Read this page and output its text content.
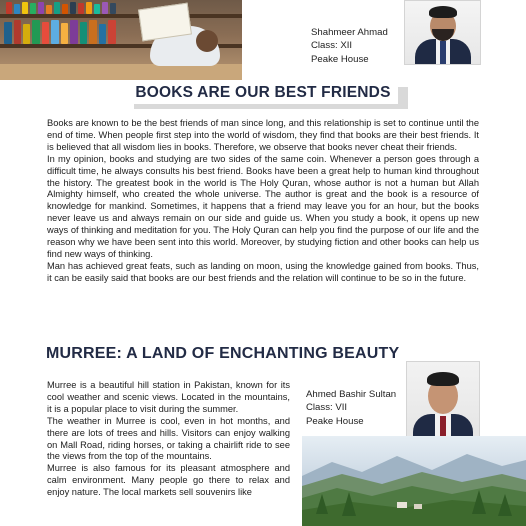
Shahmeer Ahmad
Class: XII
Peake House
BOOKS ARE OUR BEST FRIENDS

Books are known to be the best friends of man since long, and this relationship is set to continue until the end of time. When people first step into the world of wisdom, they find that books are their best friends. It is believed that all wisdom lies in books. Therefore, we observe that books never cheat their friends.

In my opinion, books and studying are two sides of the same coin. Whenever a person goes through a difficult time, he always consults his best friend. Books have been a great help to human kind throughout the history. The greatest book in the world is The Holy Quran, whose author is not a human but Allah Almighty himself, who created the whole universe. The author is great and the book is a resource of knowledge for mankind. Sometimes, it happens that a friend may leave you for an hour, but the books never leave us and always remain on our side and guide us. When you study a book, it opens up new ways of thinking and meditation for you. The Holy Quran can help you find the purpose of our life and the reason why we have been sent into this world. Moreover, by studying fiction and other books can help us find new ways of thinking.

Man has achieved great feats, such as landing on moon, using the knowledge gained from books. Thus, it can be easily said that books are our best friends and the relation will continue to be so in the future.

MURREE: A LAND OF ENCHANTING BEAUTY
Ahmed Bashir Sultan
Class: VII
Peake House

Murree is a beautiful hill station in Pakistan, known for its cool weather and scenic views. Located in the mountains, it is a popular place to visit during the summer.

The weather in Murree is cool, even in hot months, and there are lots of trees and hills. Visitors can enjoy walking on Mall Road, riding horses, or taking a chairlift ride to see the views from the top of the mountains.

Murree is also famous for its pleasant atmosphere and calm environment. Many people go there to relax and enjoy nature. The local markets sell souvenirs like
